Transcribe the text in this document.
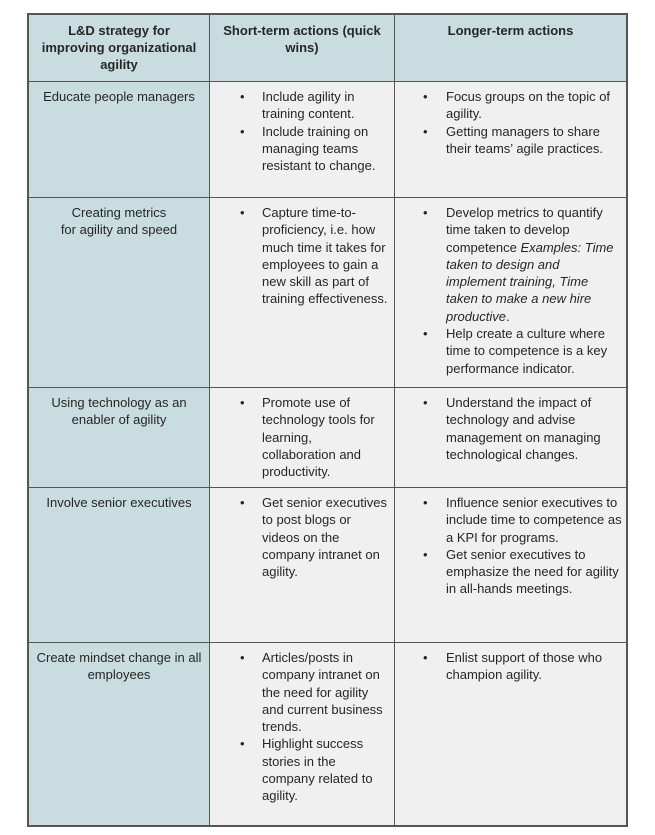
L&D strategy for improving organizational agility
Short-term actions (quick wins)
Longer-term actions
Educate people managers	• Include agility in training content.
• Include training on managing teams resistant to change.
• Focus groups on the topic of agility.
• Getting managers to share their teams’ agile practices.
Creating metrics
for agility and speed
• Capture time-to-proficiency, i.e. how much time it takes for employees to gain a new skill as part of training effectiveness.
• Develop metrics to quantify time taken to develop competence Examples: Time taken to design and implement training, Time taken to make a new hire productive.
• Help create a culture where time to competence is a key performance indicator.
Using technology as an enabler of agility
• Promote use of technology tools for learning, collaboration and productivity.
• Understand the impact of technology and advise management on managing technological changes.
Involve senior executives	• Get senior executives to post blogs or videos on the company intranet on agility.
• Influence senior executives to include time to competence as a KPI for programs.
• Get senior executives to emphasize the need for agility in all-hands meetings.
Create mindset change in all employees
• Articles/posts in company intranet on the need for agility and current business trends.
• Highlight success stories in the company related to agility.
• Enlist support of those who champion agility.
